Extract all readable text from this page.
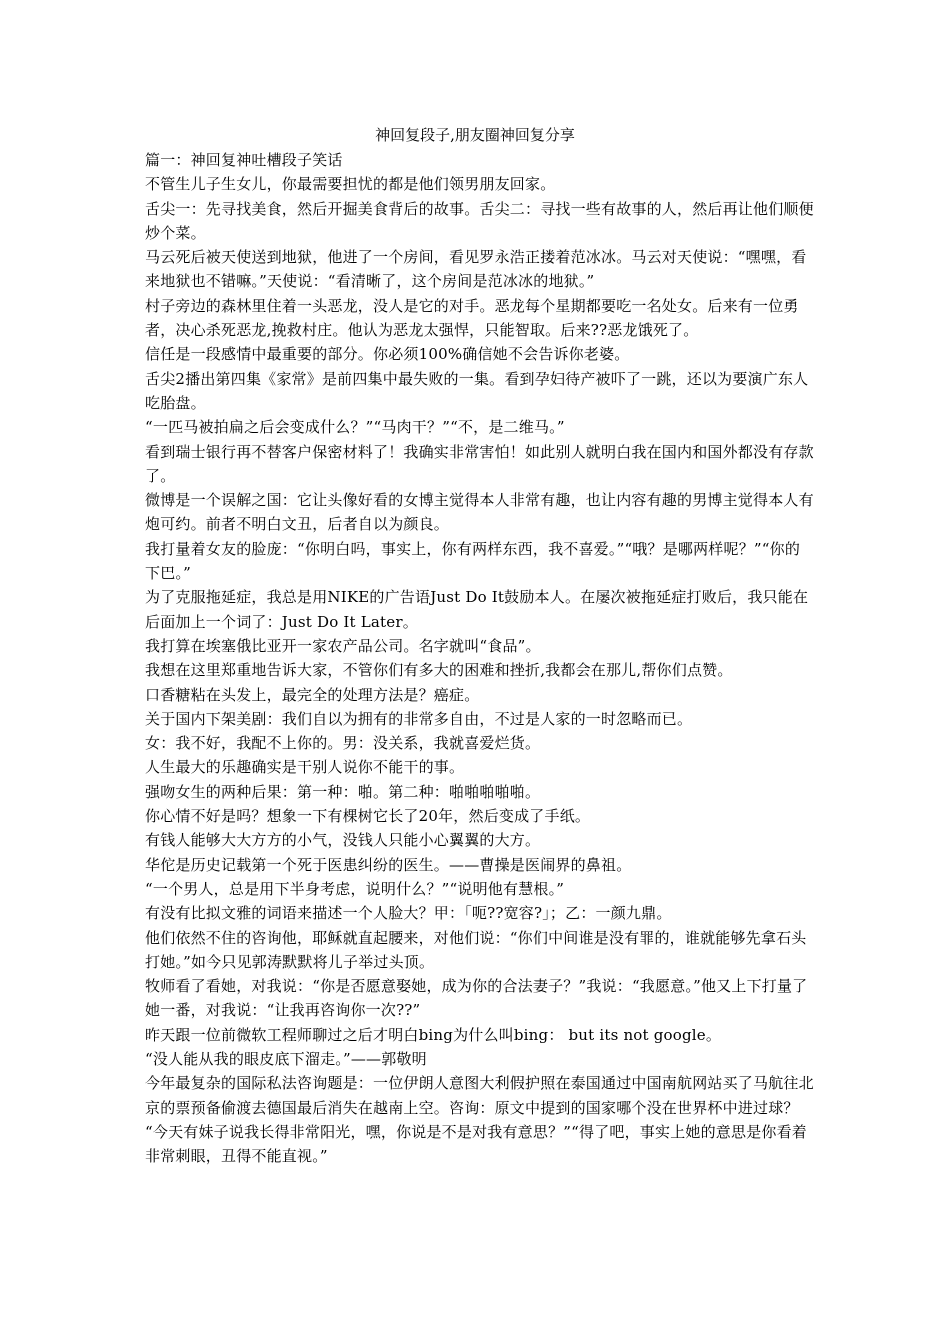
神回复段子,朋友圈神回复分享

篇一：神回复神吐槽段子笑话

不管生儿子生女儿，你最需要担忧的都是他们领男朋友回家。

舌尖一：先寻找美食，然后开掘美食背后的故事。舌尖二：寻找一些有故事的人，然后再让他们顺便炒个菜。

马云死后被天使送到地狱，他进了一个房间，看见罗永浩正搂着范冰冰。马云对天使说：“嘿嘿，看来地狱也不错嘛。”天使说：“看清晰了，这个房间是范冰冰的地狱。”

村子旁边的森林里住着一头恶龙，没人是它的对手。恶龙每个星期都要吃一名处女。后来有一位勇者，决心杀死恶龙,挽救村庄。他认为恶龙太强悍，只能智取。后来??恶龙饿死了。

信任是一段感情中最重要的部分。你必须100%确信她不会告诉你老婆。

舌尖2播出第四集《家常》是前四集中最失败的一集。看到孕妇待产被吓了一跳，还以为要演广东人吃胎盘。

“一匹马被拍扁之后会变成什么？”“马肉干？”“不，是二维马。”

看到瑞士银行再不替客户保密材料了！我确实非常害怕！如此别人就明白我在国内和国外都没有存款了。

微博是一个误解之国：它让头像好看的女博主觉得本人非常有趣，也让内容有趣的男博主觉得本人有炮可约。前者不明白文丑，后者自以为颜良。

我打量着女友的脸庞：“你明白吗，事实上，你有两样东西，我不喜爱。”“哦？是哪两样呢？”“你的下巴。”

为了克服拖延症，我总是用NIKE的广告语Just Do It鼓励本人。在屡次被拖延症打败后，我只能在后面加上一个词了：Just Do It Later。

我打算在埃塞俄比亚开一家农产品公司。名字就叫“食品”。

我想在这里郑重地告诉大家，不管你们有多大的困难和挫折,我都会在那儿,帮你们点赞。

口香糖粘在头发上，最完全的处理方法是？癌症。

关于国内下架美剧：我们自以为拥有的非常多自由，不过是人家的一时忽略而已。

女：我不好，我配不上你的。男：没关系，我就喜爱烂货。

人生最大的乐趣确实是干别人说你不能干的事。

强吻女生的两种后果：第一种：啪。第二种：啪啪啪啪啪。

你心情不好是吗？想象一下有棵树它长了20年，然后变成了手纸。

有钱人能够大大方方的小气，没钱人只能小心翼翼的大方。

华佗是历史记载第一个死于医患纠纷的医生。——曹操是医闹界的鼻祖。

“一个男人，总是用下半身考虑，说明什么？”“说明他有慧根。”

有没有比拟文雅的词语来描述一个人脸大？甲：「呃??宽容?」；乙：一颜九鼎。

他们依然不住的咨询他，耶稣就直起腰来，对他们说：“你们中间谁是没有罪的，谁就能够先拿石头打她。”如今只见郭涛默默将儿子举过头顶。

牧师看了看她，对我说：“你是否愿意娶她，成为你的合法妻子？”我说：“我愿意。”他又上下打量了她一番，对我说：“让我再咨询你一次??”

昨天跟一位前微软工程师聊过之后才明白bing为什么叫bing： but its not google。

“没人能从我的眼皮底下溜走。”——郭敬明

今年最复杂的国际私法咨询题是：一位伊朗人意图大利假护照在泰国通过中国南航网站买了马航往北京的票预备偷渡去德国最后消失在越南上空。咨询：原文中提到的国家哪个没在世界杯中进过球？

“今天有妹子说我长得非常阳光，嘿，你说是不是对我有意思？”“得了吧，事实上她的意思是你看着非常刺眼，丑得不能直视。”
